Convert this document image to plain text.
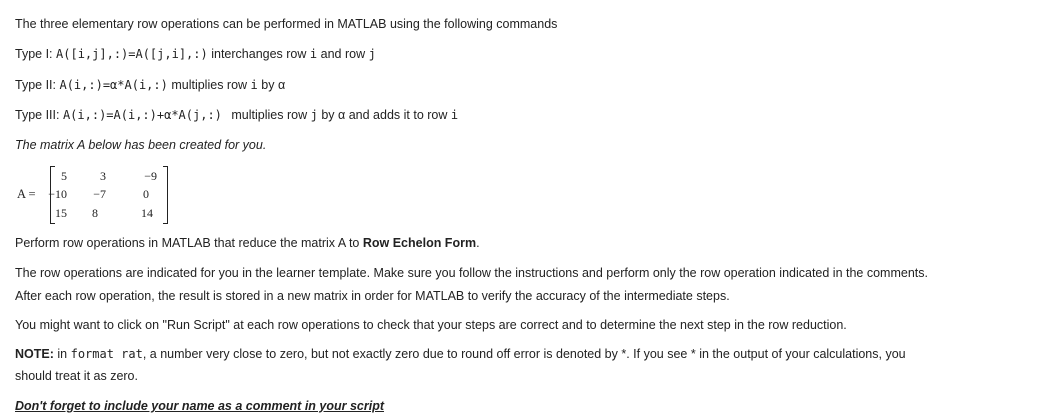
The three elementary row operations can be performed in MATLAB using the following commands
Type I: A([i,j],:)=A([j,i],:) interchanges row i and row j
Type II: A(i,:)=α*A(i,:) multiplies row i by α
Type III: A(i,:)=A(i,:)+α*A(j,:) multiplies row j by α and adds it to row i
The matrix A below has been created for you.
A =
5	3	−9
−10	−7	0
15	8	14
Perform row operations in MATLAB that reduce the matrix A to Row Echelon Form.
The row operations are indicated for you in the learner template. Make sure you follow the instructions and perform only the row operation indicated in the comments.
After each row operation, the result is stored in a new matrix in order for MATLAB to verify the accuracy of the intermediate steps.
You might want to click on "Run Script" at each row operations to check that your steps are correct and to determine the next step in the row reduction.
NOTE: in format rat, a number very close to zero, but not exactly zero due to round off error is denoted by *. If you see * in the output of your calculations, you
should treat it as zero.
Don't forget to include your name as a comment in your script
